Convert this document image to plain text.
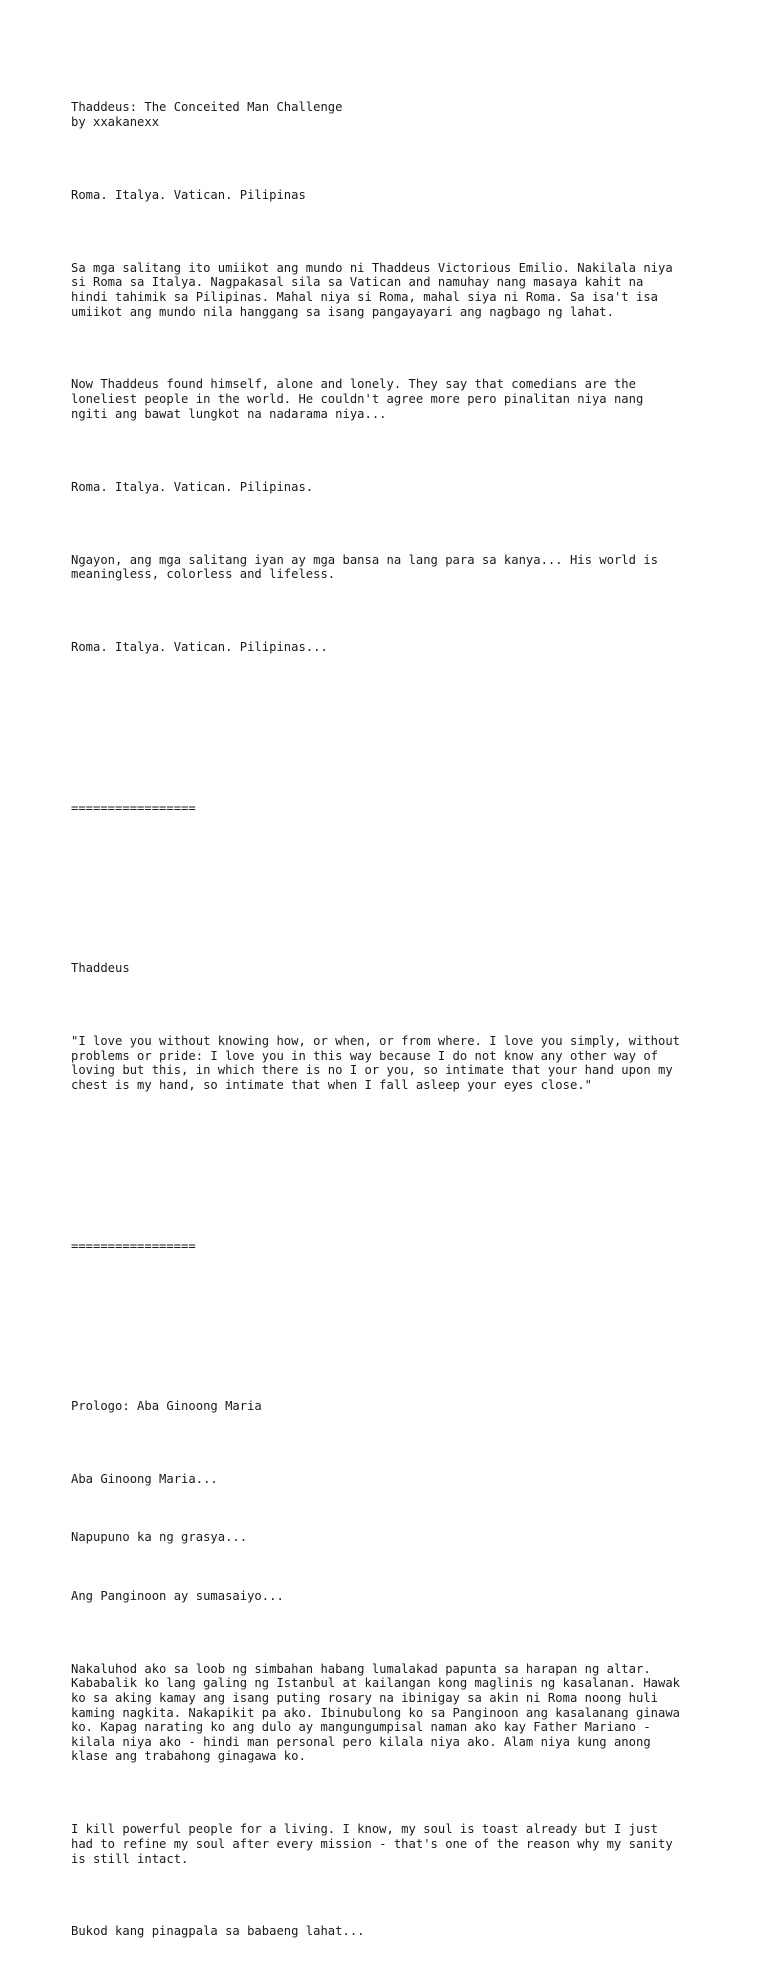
Thaddeus: The Conceited Man Challenge
by xxakanexx

Roma. Italya. Vatican. Pilipinas

Sa mga salitang ito umiikot ang mundo ni Thaddeus Victorious Emilio. Nakilala niya
si Roma sa Italya. Nagpakasal sila sa Vatican and namuhay nang masaya kahit na
hindi tahimik sa Pilipinas. Mahal niya si Roma, mahal siya ni Roma. Sa isa't isa
umiikot ang mundo nila hanggang sa isang pangayayari ang nagbago ng lahat.

Now Thaddeus found himself, alone and lonely. They say that comedians are the
loneliest people in the world. He couldn't agree more pero pinalitan niya nang
ngiti ang bawat lungkot na nadarama niya...

Roma. Italya. Vatican. Pilipinas.

Ngayon, ang mga salitang iyan ay mga bansa na lang para sa kanya... His world is
meaningless, colorless and lifeless.

Roma. Italya. Vatican. Pilipinas...

=================

Thaddeus

"I love you without knowing how, or when, or from where. I love you simply, without
problems or pride: I love you in this way because I do not know any other way of
loving but this, in which there is no I or you, so intimate that your hand upon my
chest is my hand, so intimate that when I fall asleep your eyes close."

=================

Prologo: Aba Ginoong Maria

Aba Ginoong Maria...

Napupuno ka ng grasya...

Ang Panginoon ay sumasaiyo...

Nakaluhod ako sa loob ng simbahan habang lumalakad papunta sa harapan ng altar.
Kababalik ko lang galing ng Istanbul at kailangan kong maglinis ng kasalanan. Hawak
ko sa aking kamay ang isang puting rosary na ibinigay sa akin ni Roma noong huli
kaming nagkita. Nakapikit pa ako. Ibinubulong ko sa Panginoon ang kasalanang ginawa
ko. Kapag narating ko ang dulo ay mangungumpisal naman ako kay Father Mariano -
kilala niya ako - hindi man personal pero kilala niya ako. Alam niya kung anong
klase ang trabahong ginagawa ko.

I kill powerful people for a living. I know, my soul is toast already but I just
had to refine my soul after every mission - that's one of the reason why my sanity
is still intact.

Bukod kang pinagpala sa babaeng lahat...
